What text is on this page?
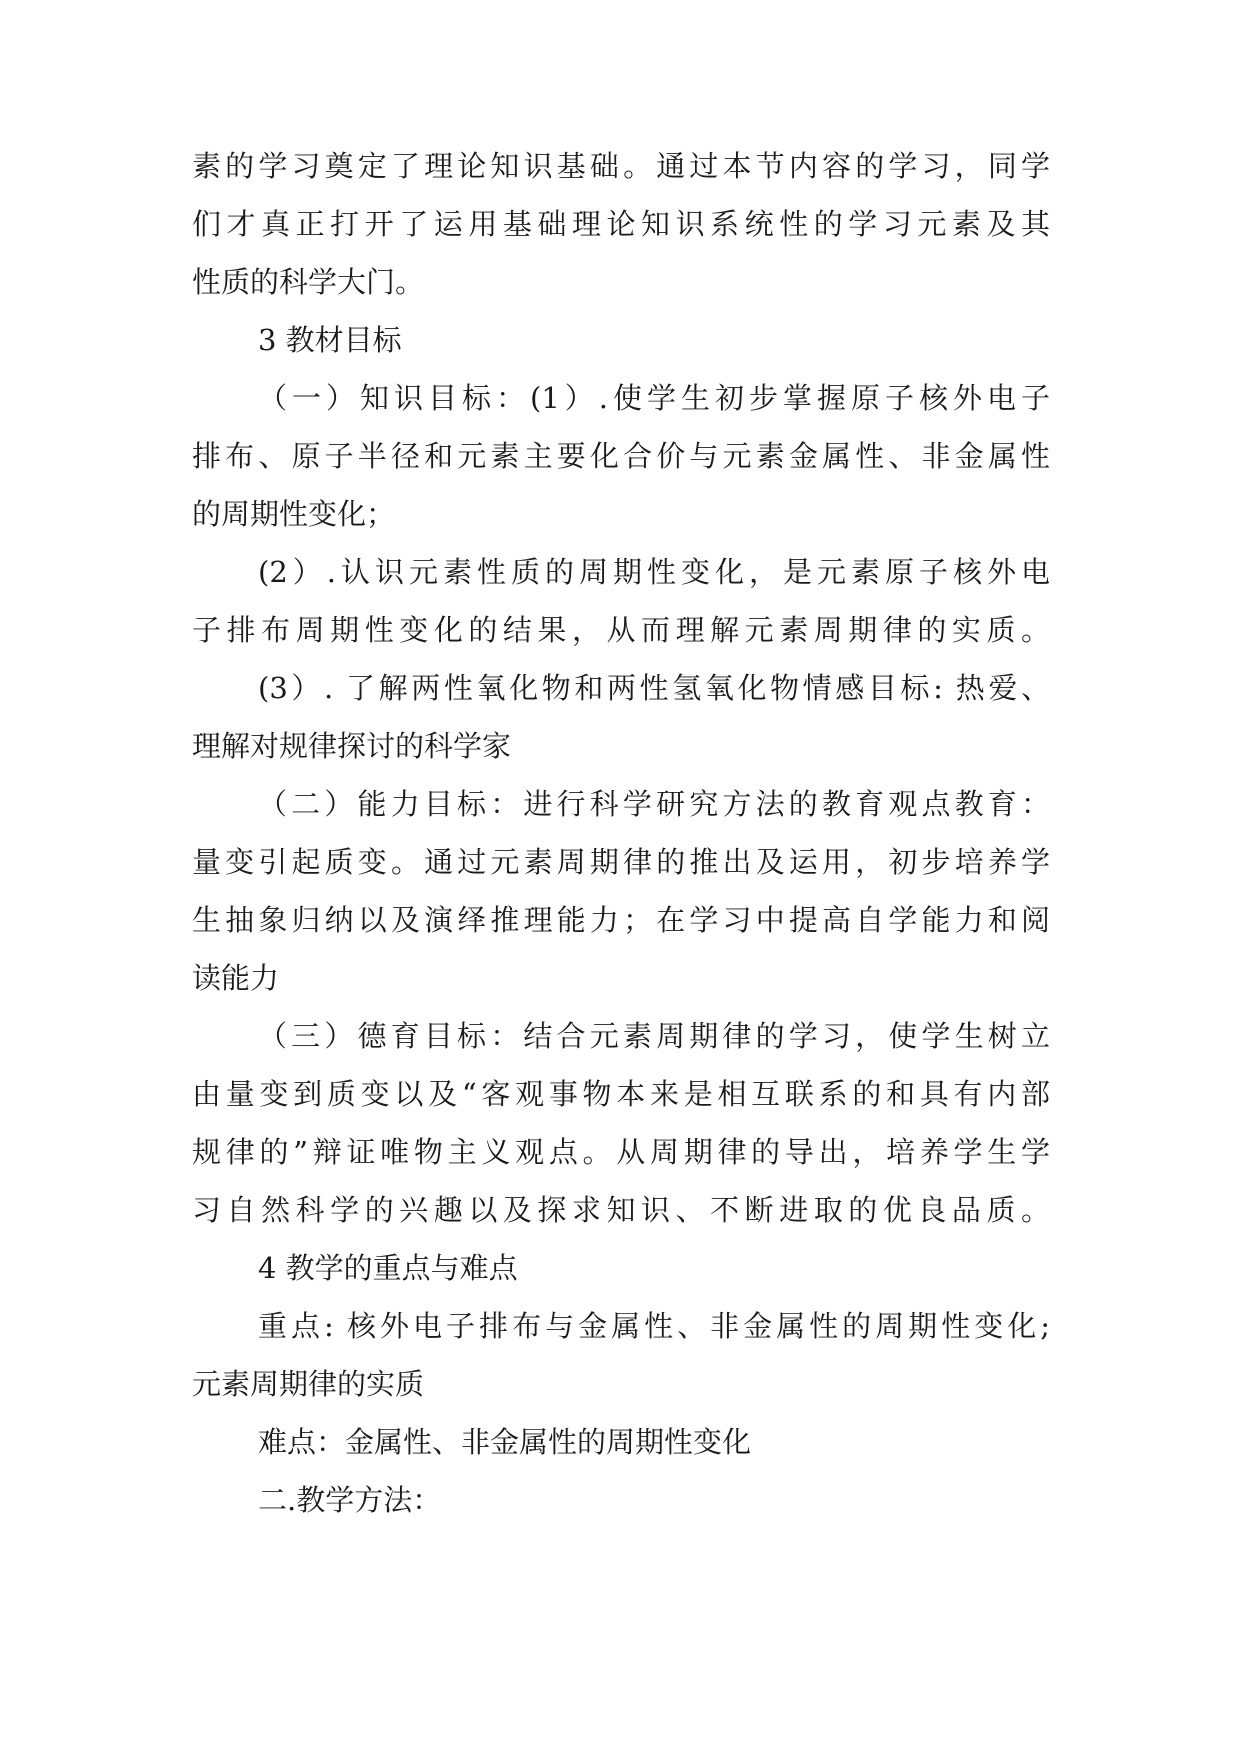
素的学习奠定了理论知识基础。通过本节内容的学习，同学
们才真正打开了运用基础理论知识系统性的学习元素及其
性质的科学大门。
3 教材目标
（一）知识目标：(1）.使学生初步掌握原子核外电子
排布、原子半径和元素主要化合价与元素金属性、非金属性
的周期性变化；
(2）.认识元素性质的周期性变化，是元素原子核外电
子排布周期性变化的结果，从而理解元素周期律的实质。
(3）. 了解两性氧化物和两性氢氧化物情感目标: 热爱、
理解对规律探讨的科学家
（二）能力目标：进行科学研究方法的教育观点教育：
量变引起质变。通过元素周期律的推出及运用，初步培养学
生抽象归纳以及演绎推理能力；在学习中提高自学能力和阅
读能力
（三）德育目标：结合元素周期律的学习，使学生树立
由量变到质变以及“客观事物本来是相互联系的和具有内部
规律的”辩证唯物主义观点。从周期律的导出，培养学生学
习自然科学的兴趣以及探求知识、不断进取的优良品质。
4 教学的重点与难点
重点: 核外电子排布与金属性、非金属性的周期性变化;
元素周期律的实质
难点：金属性、非金属性的周期性变化
二.教学方法：
